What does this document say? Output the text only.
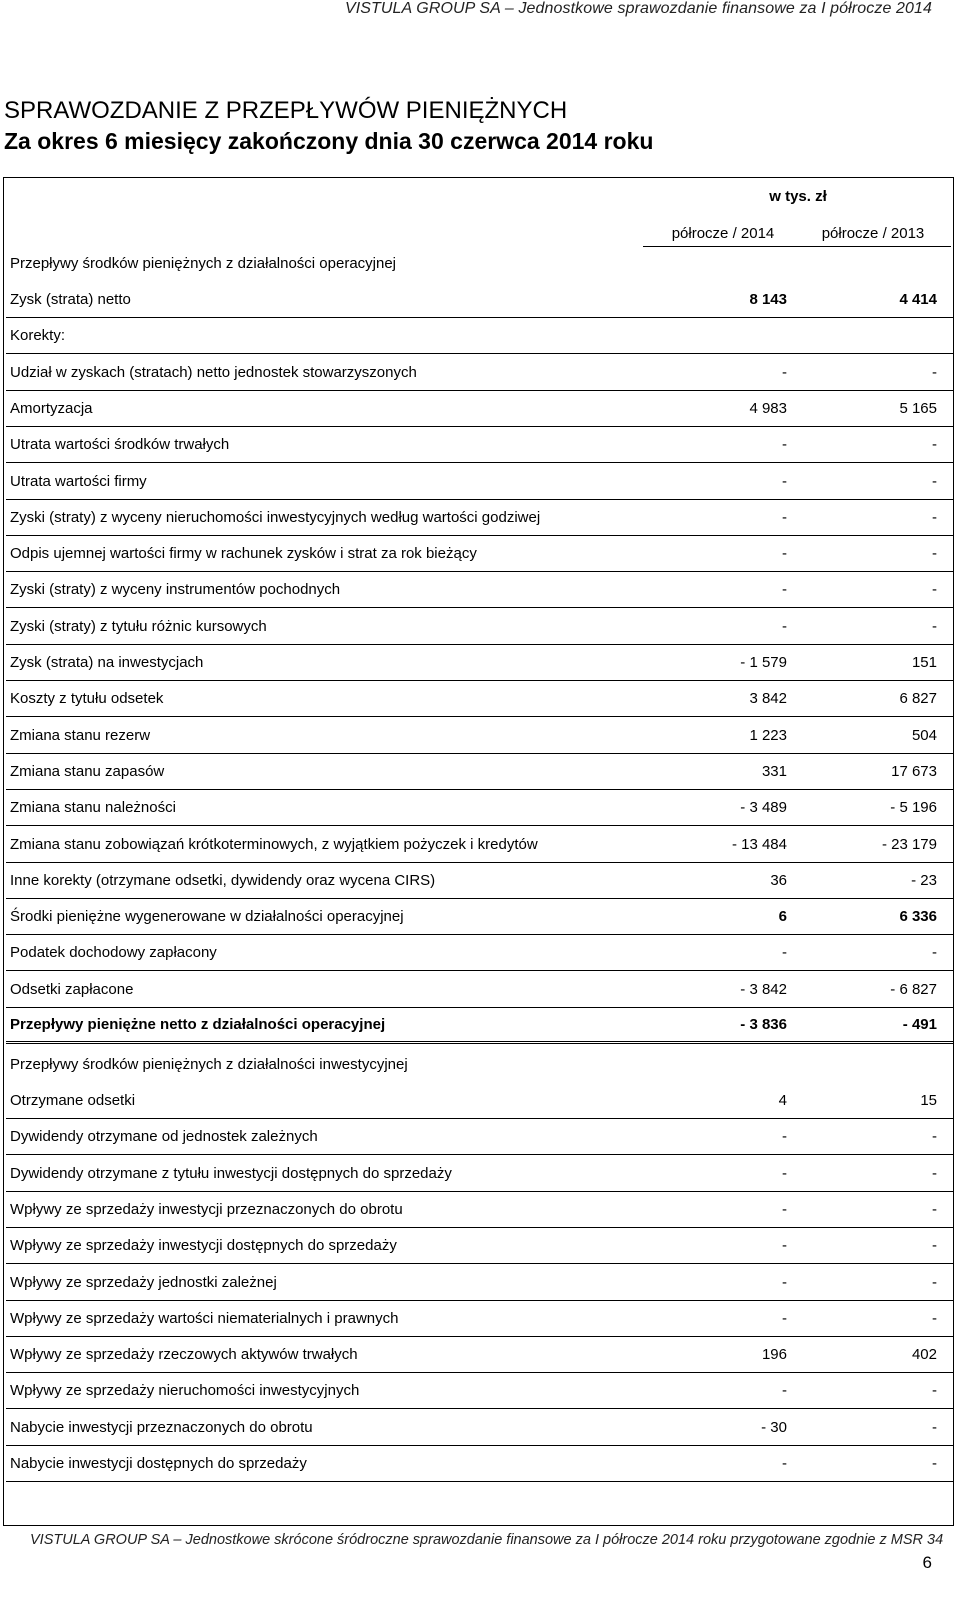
VISTULA GROUP SA – Jednostkowe sprawozdanie finansowe za I półrocze 2014
SPRAWOZDANIE Z PRZEPŁYWÓW PIENIĘŻNYCH
Za okres 6 miesięcy zakończony dnia 30 czerwca 2014 roku
w tys. zł
półrocze / 2014	półrocze / 2013
Przepływy środków pieniężnych z działalności operacyjnej
Zysk (strata) netto	8 143	4 414
Korekty:
Udział w zyskach (stratach) netto jednostek stowarzyszonych	-	-
Amortyzacja	4 983	5 165
Utrata wartości środków trwałych	-	-
Utrata wartości firmy	-	-
Zyski (straty) z wyceny nieruchomości inwestycyjnych według wartości godziwej	-	-
Odpis ujemnej wartości firmy w rachunek zysków i strat za rok bieżący	-	-
Zyski (straty) z wyceny instrumentów pochodnych	-	-
Zyski (straty) z tytułu różnic kursowych	-	-
Zysk (strata) na inwestycjach	- 1 579	151
Koszty z tytułu odsetek	3 842	6 827
Zmiana stanu rezerw	1 223	504
Zmiana stanu zapasów	331	17 673
Zmiana stanu należności	- 3 489	- 5 196
Zmiana stanu zobowiązań krótkoterminowych, z wyjątkiem pożyczek i kredytów	- 13 484	- 23 179
Inne korekty (otrzymane odsetki, dywidendy oraz wycena CIRS)	36	- 23
Środki pieniężne wygenerowane w działalności operacyjnej	6	6 336
Podatek dochodowy zapłacony	-	-
Odsetki zapłacone	- 3 842	- 6 827
Przepływy pieniężne netto z działalności operacyjnej	- 3 836	- 491
Przepływy środków pieniężnych z działalności inwestycyjnej
Otrzymane odsetki	4	15
Dywidendy otrzymane od jednostek zależnych	-	-
Dywidendy otrzymane z tytułu inwestycji dostępnych do sprzedaży	-	-
Wpływy ze sprzedaży inwestycji przeznaczonych do obrotu	-	-
Wpływy ze sprzedaży inwestycji dostępnych do sprzedaży	-	-
Wpływy ze sprzedaży jednostki zależnej	-	-
Wpływy ze sprzedaży wartości niematerialnych i prawnych	-	-
Wpływy ze sprzedaży rzeczowych aktywów trwałych	196	402
Wpływy ze sprzedaży nieruchomości inwestycyjnych	-	-
Nabycie inwestycji przeznaczonych do obrotu	- 30	-
Nabycie inwestycji dostępnych do sprzedaży	-	-
VISTULA GROUP SA – Jednostkowe skrócone śródroczne sprawozdanie finansowe za I półrocze 2014 roku przygotowane zgodnie z MSR 34
6
